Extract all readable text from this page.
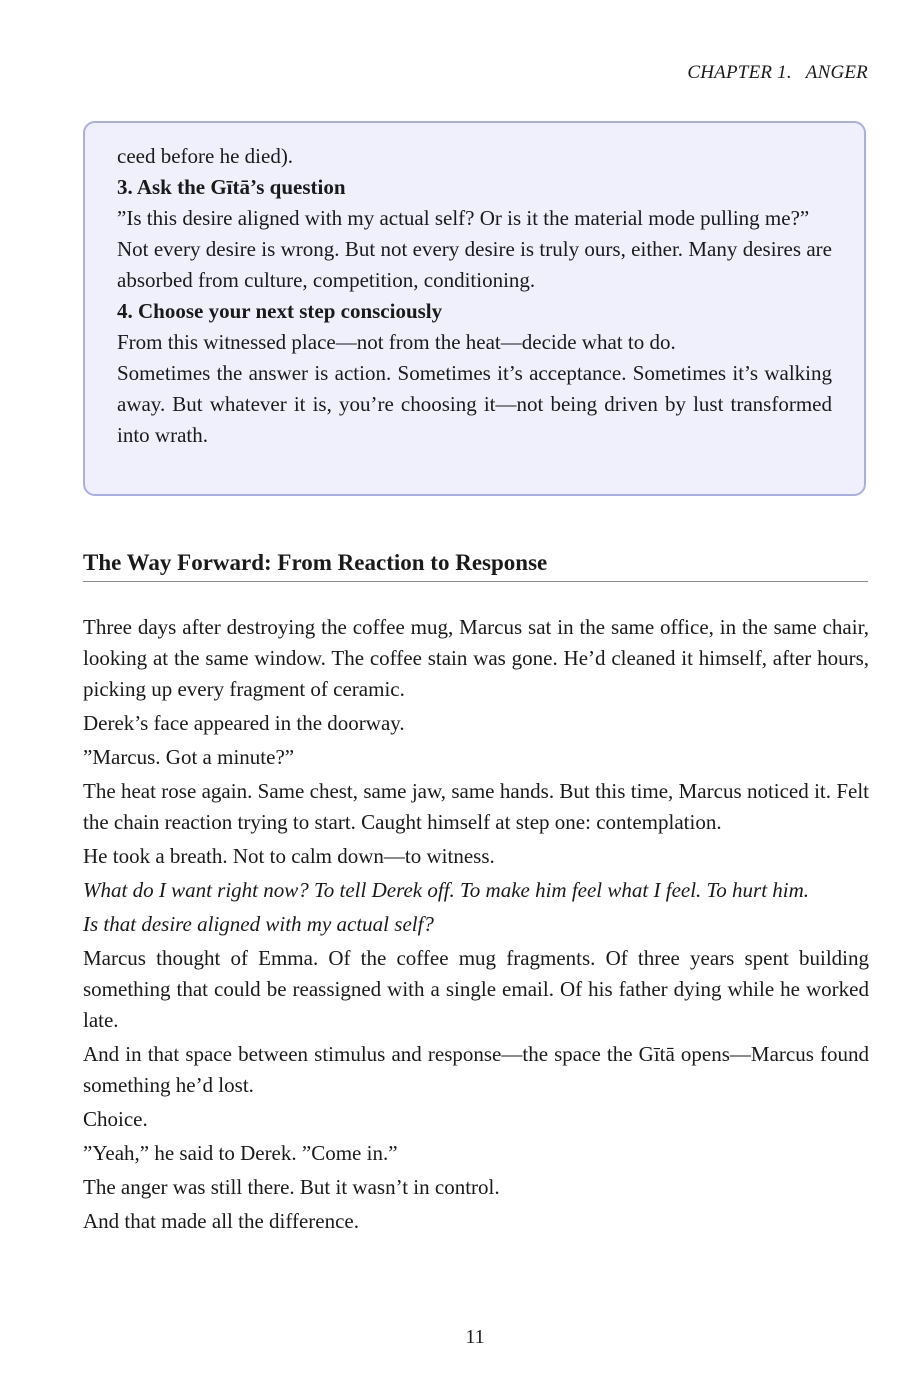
CHAPTER 1. ANGER

ceed before he died).

3. Ask the Gītā’s question

”Is this desire aligned with my actual self? Or is it the material mode pulling me?”

Not every desire is wrong. But not every desire is truly ours, either. Many desires are absorbed from culture, competition, conditioning.

4. Choose your next step consciously

From this witnessed place—not from the heat—decide what to do.

Sometimes the answer is action. Sometimes it’s acceptance. Sometimes it’s walking away. But whatever it is, you’re choosing it—not being driven by lust transformed into wrath.

The Way Forward: From Reaction to Response

Three days after destroying the coffee mug, Marcus sat in the same office, in the same chair, looking at the same window. The coffee stain was gone. He’d cleaned it himself, after hours, picking up every fragment of ceramic.

Derek’s face appeared in the doorway.

”Marcus. Got a minute?”

The heat rose again. Same chest, same jaw, same hands. But this time, Marcus noticed it. Felt the chain reaction trying to start. Caught himself at step one: contemplation.

He took a breath. Not to calm down—to witness.

What do I want right now? To tell Derek off. To make him feel what I feel. To hurt him.

Is that desire aligned with my actual self?

Marcus thought of Emma. Of the coffee mug fragments. Of three years spent building something that could be reassigned with a single email. Of his father dying while he worked late.

And in that space between stimulus and response—the space the Gītā opens—Marcus found something he’d lost.

Choice.

”Yeah,” he said to Derek. ”Come in.”

The anger was still there. But it wasn’t in control.

And that made all the difference.

11
